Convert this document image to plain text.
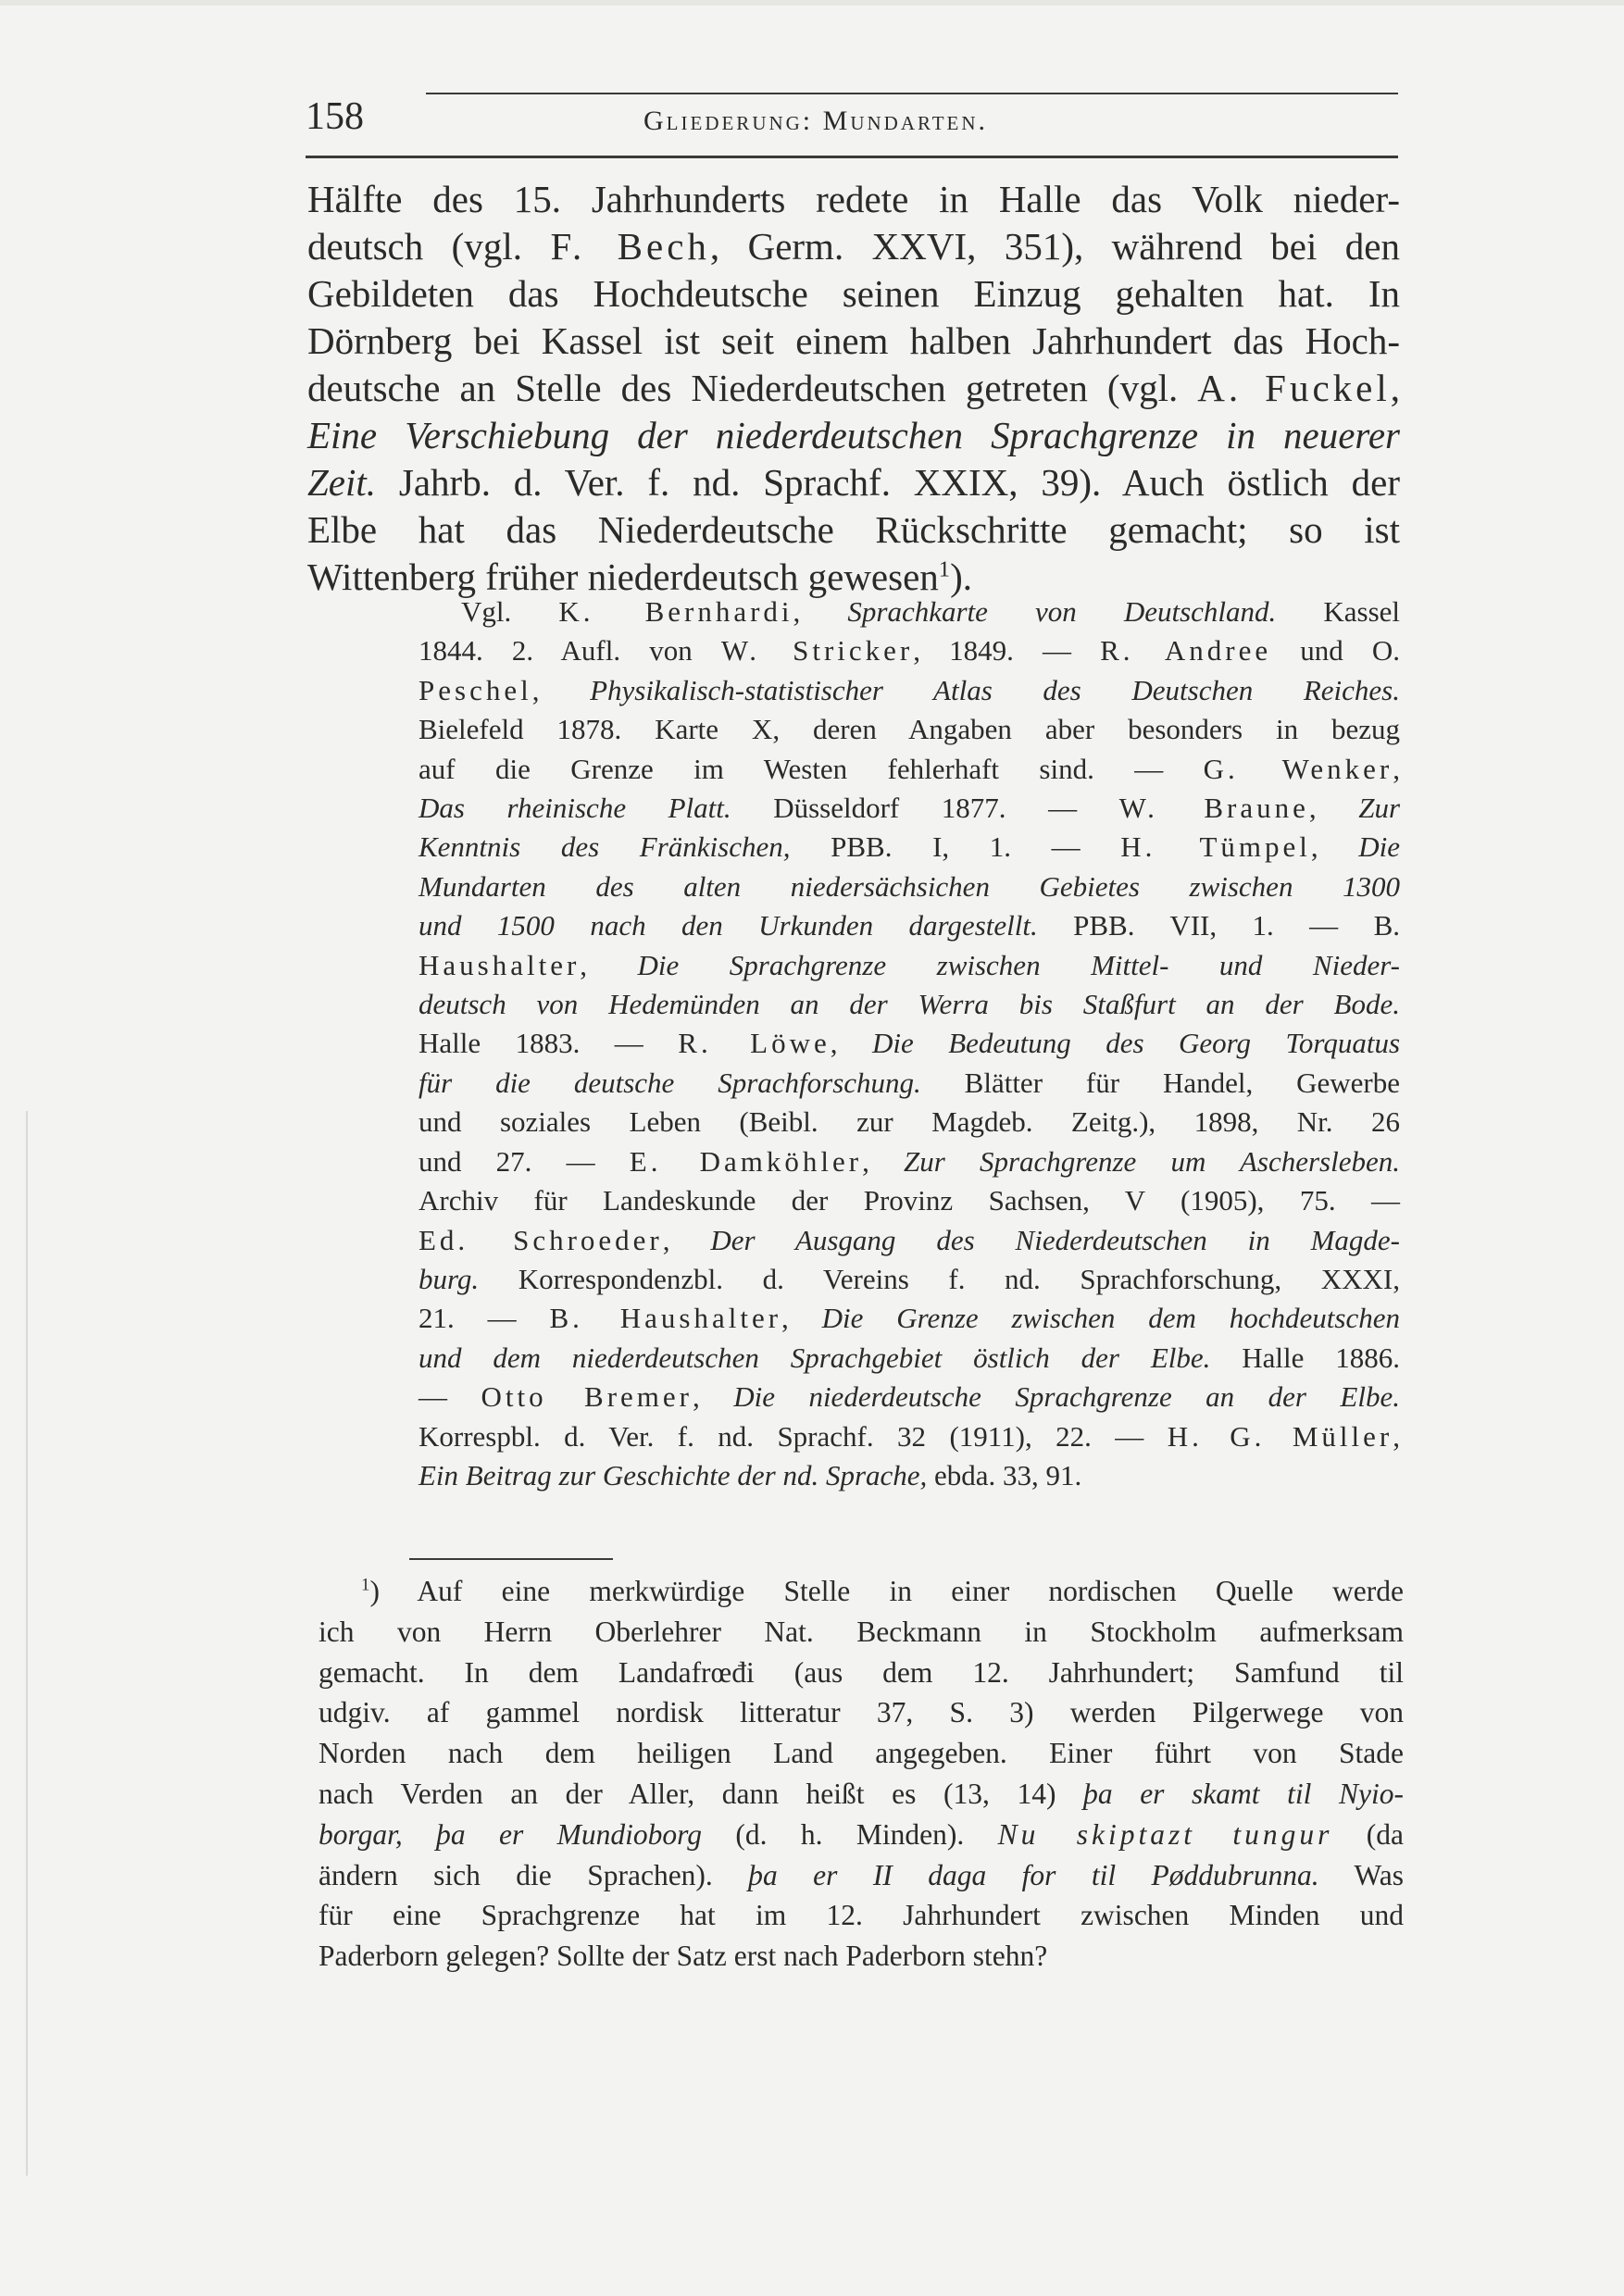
158	Gliederung: Mundarten.
Hälfte des 15. Jahrhunderts redete in Halle das Volk nieder-
deutsch (vgl. F. Bech, Germ. XXVI, 351), während bei den
Gebildeten das Hochdeutsche seinen Einzug gehalten hat. In
Dörnberg bei Kassel ist seit einem halben Jahrhundert das Hoch-
deutsche an Stelle des Niederdeutschen getreten (vgl. A. Fuckel,
Eine Verschiebung der niederdeutschen Sprachgrenze in neuerer
Zeit. Jahrb. d. Ver. f. nd. Sprachf. XXIX, 39). Auch östlich der
Elbe hat das Niederdeutsche Rückschritte gemacht; so ist
Wittenberg früher niederdeutsch gewesen$^1$).
Vgl. K. Bernhardi, Sprachkarte von Deutschland. Kassel
1844. 2. Aufl. von W. Stricker, 1849. — R. Andree und O.
Peschel, Physikalisch-statistischer Atlas des Deutschen Reiches.
Bielefeld 1878. Karte X, deren Angaben aber besonders in bezug
auf die Grenze im Westen fehlerhaft sind. — G. Wenker,
Das rheinische Platt. Düsseldorf 1877. — W. Braune, Zur
Kenntnis des Fränkischen, PBB. I, 1. — H. Tümpel, Die
Mundarten des alten niedersächsichen Gebietes zwischen 1300
und 1500 nach den Urkunden dargestellt. PBB. VII, 1. — B.
Haushalter, Die Sprachgrenze zwischen Mittel- und Nieder-
deutsch von Hedemünden an der Werra bis Staßfurt an der Bode.
Halle 1883. — R. Löwe, Die Bedeutung des Georg Torquatus
für die deutsche Sprachforschung. Blätter für Handel, Gewerbe
und soziales Leben (Beibl. zur Magdeb. Zeitg.), 1898, Nr. 26
und 27. — E. Damköhler, Zur Sprachgrenze um Aschersleben.
Archiv für Landeskunde der Provinz Sachsen, V (1905), 75. —
Ed. Schroeder, Der Ausgang des Niederdeutschen in Magde-
burg. Korrespondenzbl. d. Vereins f. nd. Sprachforschung, XXXI,
21. — B. Haushalter, Die Grenze zwischen dem hochdeutschen
und dem niederdeutschen Sprachgebiet östlich der Elbe. Halle 1886.
— Otto Bremer, Die niederdeutsche Sprachgrenze an der Elbe.
Korrespbl. d. Ver. f. nd. Sprachf. 32 (1911), 22. — H. G. Müller,
Ein Beitrag zur Geschichte der nd. Sprache, ebda. 33, 91.
$^1$) Auf eine merkwürdige Stelle in einer nordischen Quelle werde
ich von Herrn Oberlehrer Nat. Beckmann in Stockholm aufmerksam
gemacht. In dem Landafrœđi (aus dem 12. Jahrhundert; Samfund til
udgiv. af gammel nordisk litteratur 37, S. 3) werden Pilgerwege von
Norden nach dem heiligen Land angegeben. Einer führt von Stade
nach Verden an der Aller, dann heißt es (13, 14) þa er skamt til Nyio-
borgar, þa er Mundioborg (d. h. Minden). Nu skiptazt tungur (da
ändern sich die Sprachen). þa er II daga for til Pøddubrunna. Was
für eine Sprachgrenze hat im 12. Jahrhundert zwischen Minden und
Paderborn gelegen? Sollte der Satz erst nach Paderborn stehn?
